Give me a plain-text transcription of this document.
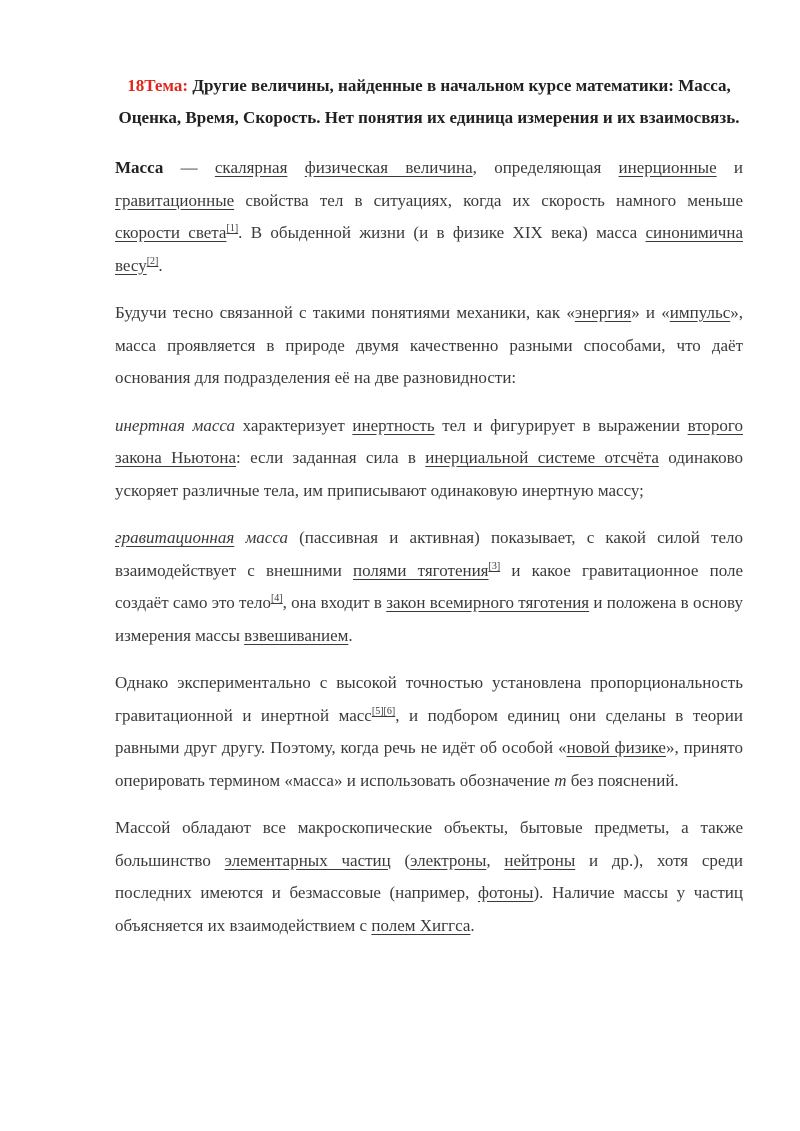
18Тема: Другие величины, найденные в начальном курсе математики: Масса, Оценка, Время, Скорость. Нет понятия их единица измерения и их взаимосвязь.

Масса — скалярная физическая величина, определяющая инерционные и гравитационные свойства тел в ситуациях, когда их скорость намного меньше скорости света[1]. В обыденной жизни (и в физике XIX века) масса синонимична весу[2].

Будучи тесно связанной с такими понятиями механики, как «энергия» и «импульс», масса проявляется в природе двумя качественно разными способами, что даёт основания для подразделения её на две разновидности:

инертная масса характеризует инертность тел и фигурирует в выражении второго закона Ньютона: если заданная сила в инерциальной системе отсчёта одинаково ускоряет различные тела, им приписывают одинаковую инертную массу;

гравитационная масса (пассивная и активная) показывает, с какой силой тело взаимодействует с внешними полями тяготения[3] и какое гравитационное поле создаёт само это тело[4], она входит в закон всемирного тяготения и положена в основу измерения массы взвешиванием.

Однако экспериментально с высокой точностью установлена пропорциональность гравитационной и инертной масс[5][6], и подбором единиц они сделаны в теории равными друг другу. Поэтому, когда речь не идёт об особой «новой физике», принято оперировать термином «масса» и использовать обозначение m без пояснений.

Массой обладают все макроскопические объекты, бытовые предметы, а также большинство элементарных частиц (электроны, нейтроны и др.), хотя среди последних имеются и безмассовые (например, фотоны). Наличие массы у частиц объясняется их взаимодействием с полем Хиггса.
